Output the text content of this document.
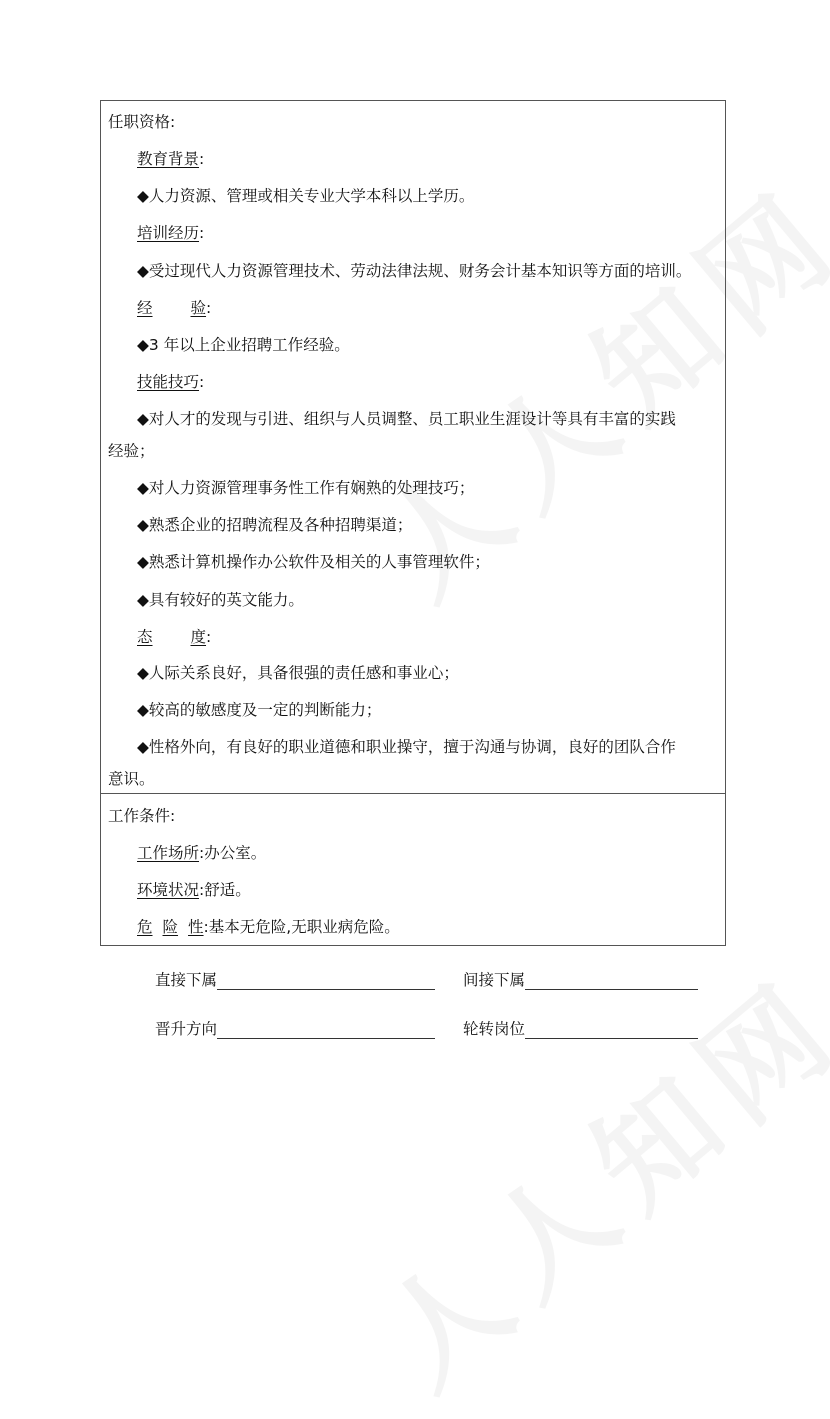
任职资格:
教育背景:
◆人力资源、管理或相关专业大学本科以上学历。
培训经历:
◆受过现代人力资源管理技术、劳动法律法规、财务会计基本知识等方面的培训。
经 验:
◆3 年以上企业招聘工作经验。
技能技巧:
◆对人才的发现与引进、组织与人员调整、员工职业生涯设计等具有丰富的实践
经验；
◆对人力资源管理事务性工作有娴熟的处理技巧；
◆熟悉企业的招聘流程及各种招聘渠道；
◆熟悉计算机操作办公软件及相关的人事管理软件；
◆具有较好的英文能力。
态 度:
◆人际关系良好，具备很强的责任感和事业心；
◆较高的敏感度及一定的判断能力；
◆性格外向，有良好的职业道德和职业操守，擅于沟通与协调，良好的团队合作
意识。
工作条件:
工作场所:办公室。
环境状况:舒适。
危 险 性:基本无危险,无职业病危险。
直接下属	间接下属
晋升方向	轮转岗位
